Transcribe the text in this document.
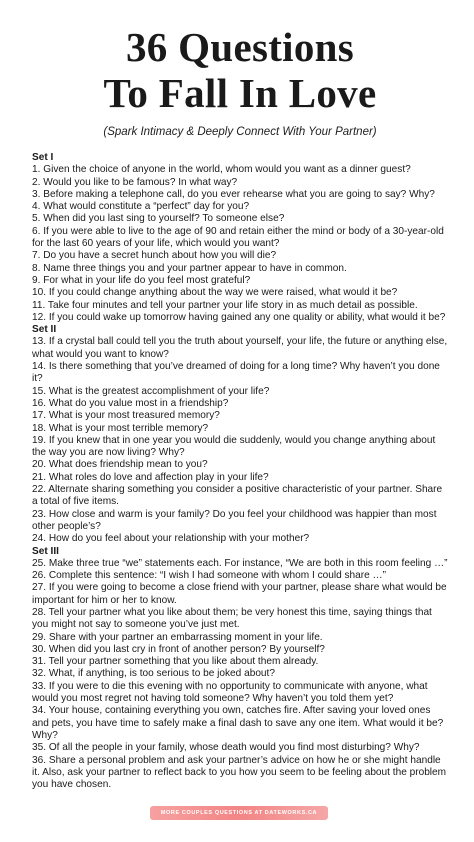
36 Questions
To Fall In Love
(Spark Intimacy & Deeply Connect With Your Partner)
Set I
1. Given the choice of anyone in the world, whom would you want as a dinner guest?
2. Would you like to be famous? In what way?
3. Before making a telephone call, do you ever rehearse what you are going to say? Why?
4. What would constitute a “perfect” day for you?
5. When did you last sing to yourself? To someone else?
6. If you were able to live to the age of 90 and retain either the mind or body of a 30-year-old for the last 60 years of your life, which would you want?
7. Do you have a secret hunch about how you will die?
8. Name three things you and your partner appear to have in common.
9. For what in your life do you feel most grateful?
10. If you could change anything about the way we were raised, what would it be?
11. Take four minutes and tell your partner your life story in as much detail as possible.
12. If you could wake up tomorrow having gained any one quality or ability, what would it be?
Set II
13. If a crystal ball could tell you the truth about yourself, your life, the future or anything else, what would you want to know?
14. Is there something that you’ve dreamed of doing for a long time? Why haven’t you done it?
15. What is the greatest accomplishment of your life?
16. What do you value most in a friendship?
17. What is your most treasured memory?
18. What is your most terrible memory?
19. If you knew that in one year you would die suddenly, would you change anything about the way you are now living? Why?
20. What does friendship mean to you?
21. What roles do love and affection play in your life?
22. Alternate sharing something you consider a positive characteristic of your partner. Share a total of five items.
23. How close and warm is your family? Do you feel your childhood was happier than most other people’s?
24. How do you feel about your relationship with your mother?
Set III
25. Make three true “we” statements each. For instance, “We are both in this room feeling …”
26. Complete this sentence: “I wish I had someone with whom I could share …”
27. If you were going to become a close friend with your partner, please share what would be important for him or her to know.
28. Tell your partner what you like about them; be very honest this time, saying things that you might not say to someone you’ve just met.
29. Share with your partner an embarrassing moment in your life.
30. When did you last cry in front of another person? By yourself?
31. Tell your partner something that you like about them already.
32. What, if anything, is too serious to be joked about?
33. If you were to die this evening with no opportunity to communicate with anyone, what would you most regret not having told someone? Why haven’t you told them yet?
34. Your house, containing everything you own, catches fire. After saving your loved ones and pets, you have time to safely make a final dash to save any one item. What would it be? Why?
35. Of all the people in your family, whose death would you find most disturbing? Why?
36. Share a personal problem and ask your partner’s advice on how he or she might handle it. Also, ask your partner to reflect back to you how you seem to be feeling about the problem you have chosen.
MORE COUPLES QUESTIONS AT DATEWORKS.CA
